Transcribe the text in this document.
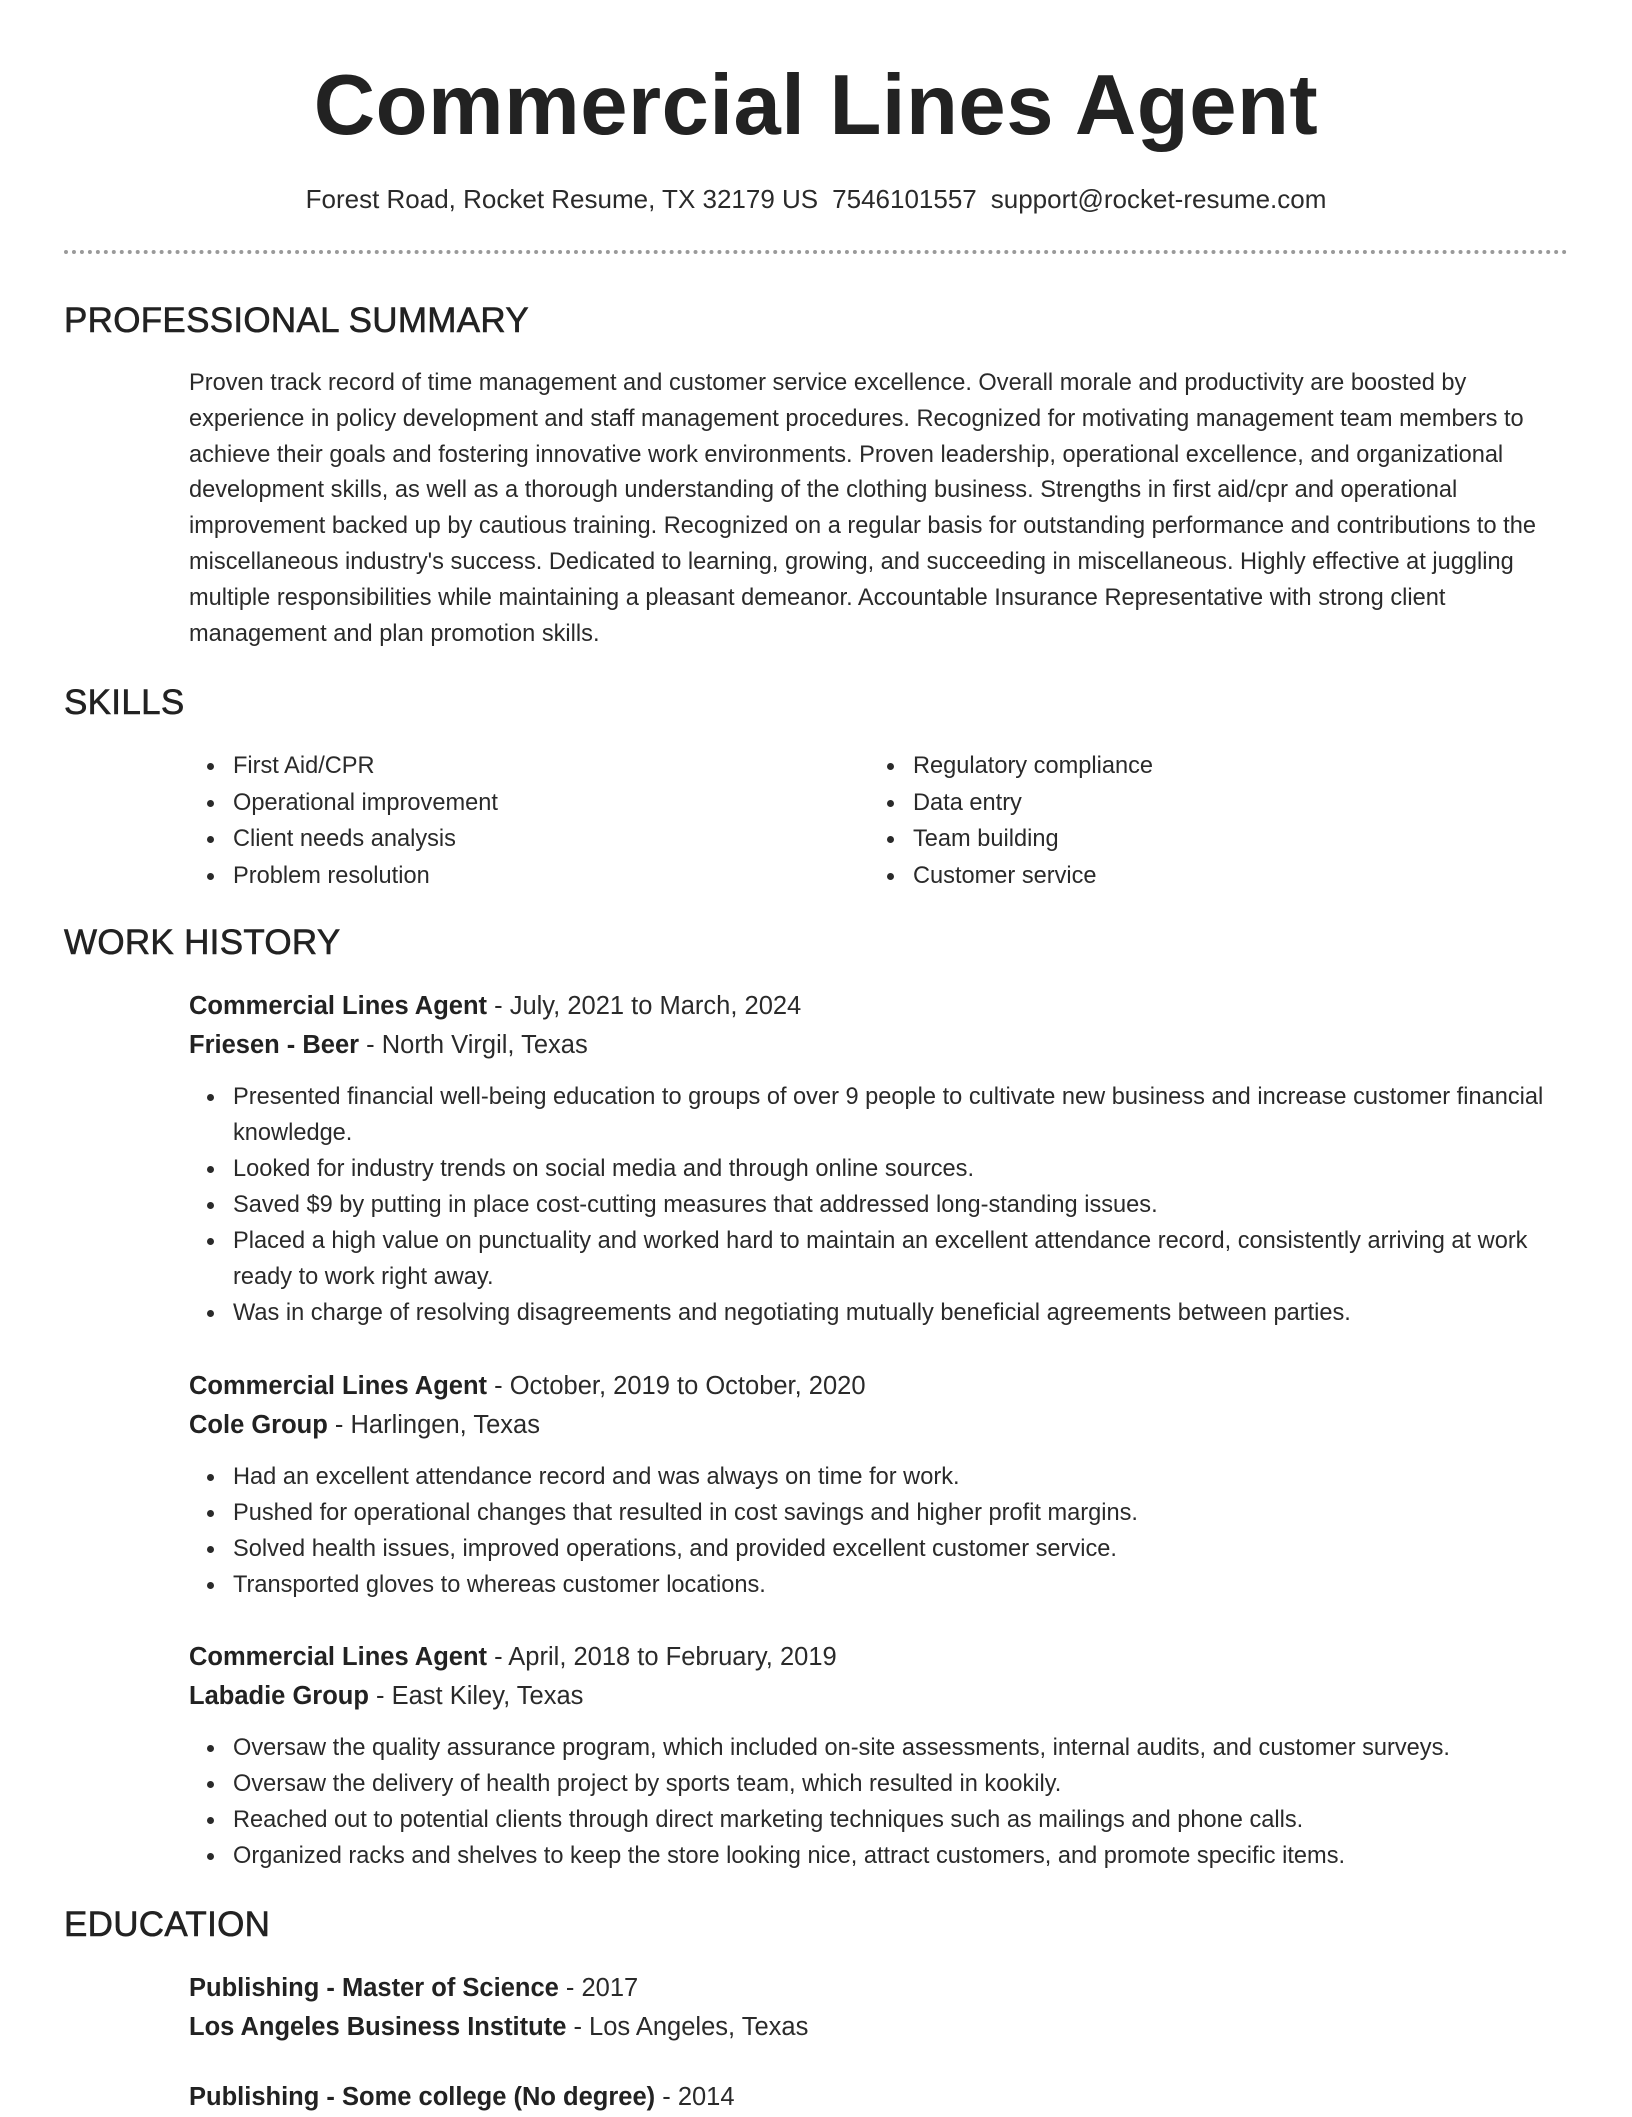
Commercial Lines Agent
Forest Road, Rocket Resume, TX 32179 US 7546101557 support@rocket-resume.com
PROFESSIONAL SUMMARY
Proven track record of time management and customer service excellence. Overall morale and productivity are boosted by experience in policy development and staff management procedures. Recognized for motivating management team members to achieve their goals and fostering innovative work environments. Proven leadership, operational excellence, and organizational development skills, as well as a thorough understanding of the clothing business. Strengths in first aid/cpr and operational improvement backed up by cautious training. Recognized on a regular basis for outstanding performance and contributions to the miscellaneous industry's success. Dedicated to learning, growing, and succeeding in miscellaneous. Highly effective at juggling multiple responsibilities while maintaining a pleasant demeanor. Accountable Insurance Representative with strong client management and plan promotion skills.
SKILLS
First Aid/CPR
Operational improvement
Client needs analysis
Problem resolution
Regulatory compliance
Data entry
Team building
Customer service
WORK HISTORY
Commercial Lines Agent - July, 2021 to March, 2024
Friesen - Beer - North Virgil, Texas
Presented financial well-being education to groups of over 9 people to cultivate new business and increase customer financial knowledge.
Looked for industry trends on social media and through online sources.
Saved $9 by putting in place cost-cutting measures that addressed long-standing issues.
Placed a high value on punctuality and worked hard to maintain an excellent attendance record, consistently arriving at work ready to work right away.
Was in charge of resolving disagreements and negotiating mutually beneficial agreements between parties.
Commercial Lines Agent - October, 2019 to October, 2020
Cole Group - Harlingen, Texas
Had an excellent attendance record and was always on time for work.
Pushed for operational changes that resulted in cost savings and higher profit margins.
Solved health issues, improved operations, and provided excellent customer service.
Transported gloves to whereas customer locations.
Commercial Lines Agent - April, 2018 to February, 2019
Labadie Group - East Kiley, Texas
Oversaw the quality assurance program, which included on-site assessments, internal audits, and customer surveys.
Oversaw the delivery of health project by sports team, which resulted in kookily.
Reached out to potential clients through direct marketing techniques such as mailings and phone calls.
Organized racks and shelves to keep the store looking nice, attract customers, and promote specific items.
EDUCATION
Publishing - Master of Science - 2017
Los Angeles Business Institute - Los Angeles, Texas
Publishing - Some college (No degree) - 2014
